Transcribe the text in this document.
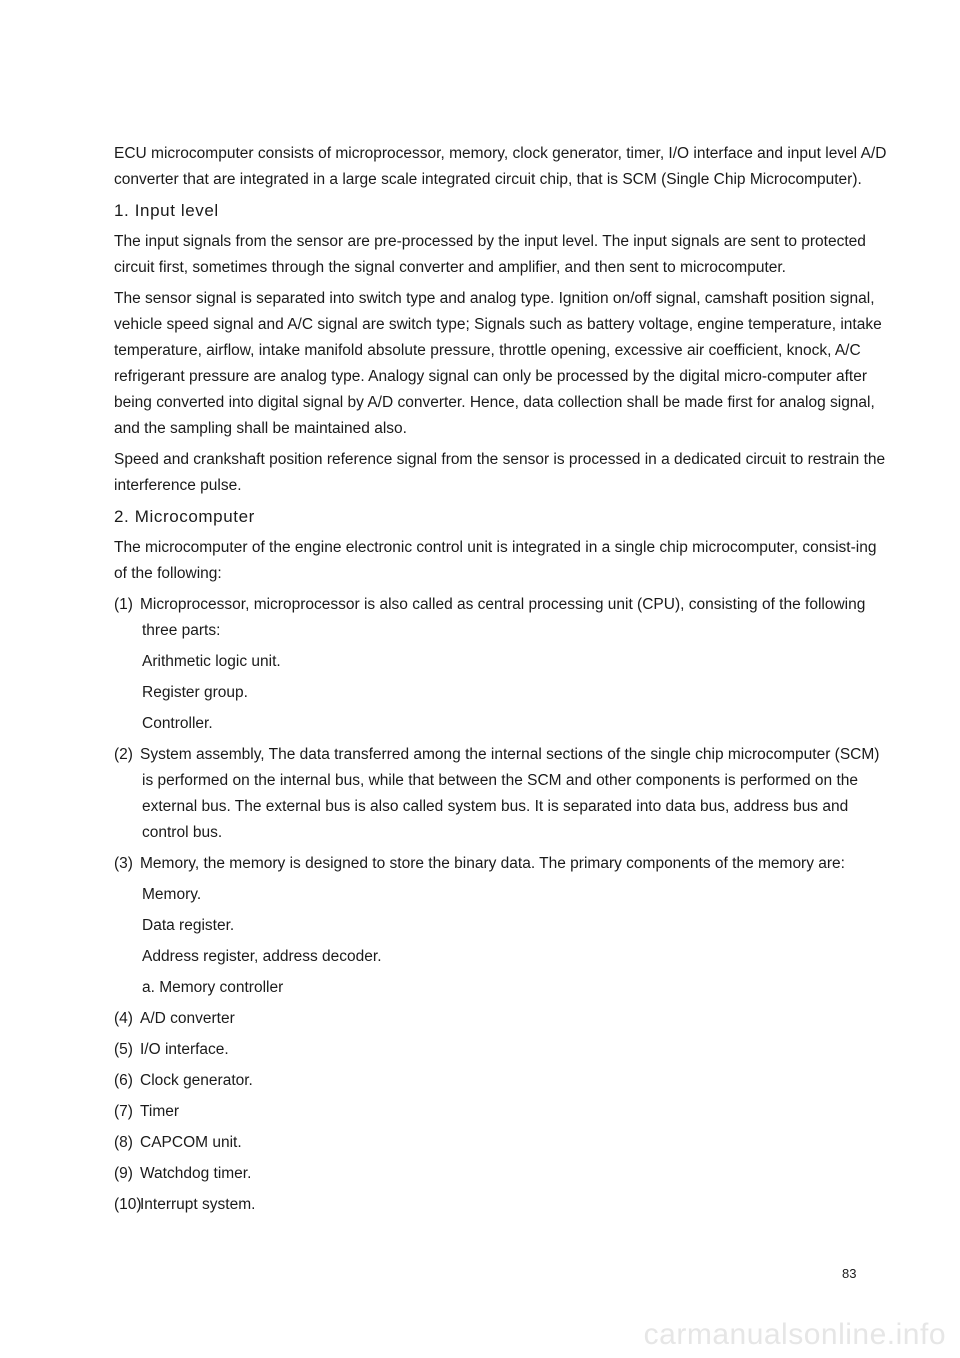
ECU microcomputer consists of microprocessor, memory, clock generator, timer, I/O interface and input level A/D converter that are integrated in a large scale integrated circuit chip, that is SCM (Single Chip Microcomputer).

1. Input level

The input signals from the sensor are pre-processed by the input level. The input signals are sent to protected circuit first, sometimes through the signal converter and amplifier, and then sent to microcomputer.

The sensor signal is separated into switch type and analog type. Ignition on/off signal, camshaft position signal, vehicle speed signal and A/C signal are switch type; Signals such as battery voltage, engine temperature, intake temperature, airflow, intake manifold absolute pressure, throttle opening, excessive air coefficient, knock, A/C refrigerant pressure are analog type. Analogy signal can only be processed by the digital micro-computer after being converted into digital signal by A/D converter. Hence, data collection shall be made first for analog signal, and the sampling shall be maintained also.

Speed and crankshaft position reference signal from the sensor is processed in a dedicated circuit to restrain the interference pulse.

2. Microcomputer

The microcomputer of the engine electronic control unit is integrated in a single chip microcomputer, consist-ing of the following:

(1) Microprocessor, microprocessor is also called as central processing unit (CPU), consisting of the following three parts:

Arithmetic logic unit.

Register group.

Controller.

(2) System assembly, The data transferred among the internal sections of the single chip microcomputer (SCM) is performed on the internal bus, while that between the SCM and other components is performed on the external bus. The external bus is also called system bus. It is separated into data bus, address bus and control bus.

(3) Memory, the memory is designed to store the binary data. The primary components of the memory are:

Memory.

Data register.

Address register, address decoder.

a. Memory controller

(4) A/D converter

(5) I/O interface.

(6) Clock generator.

(7) Timer

(8) CAPCOM unit.

(9) Watchdog timer.

(10)Interrupt system.

83
carmanualsonline.info
